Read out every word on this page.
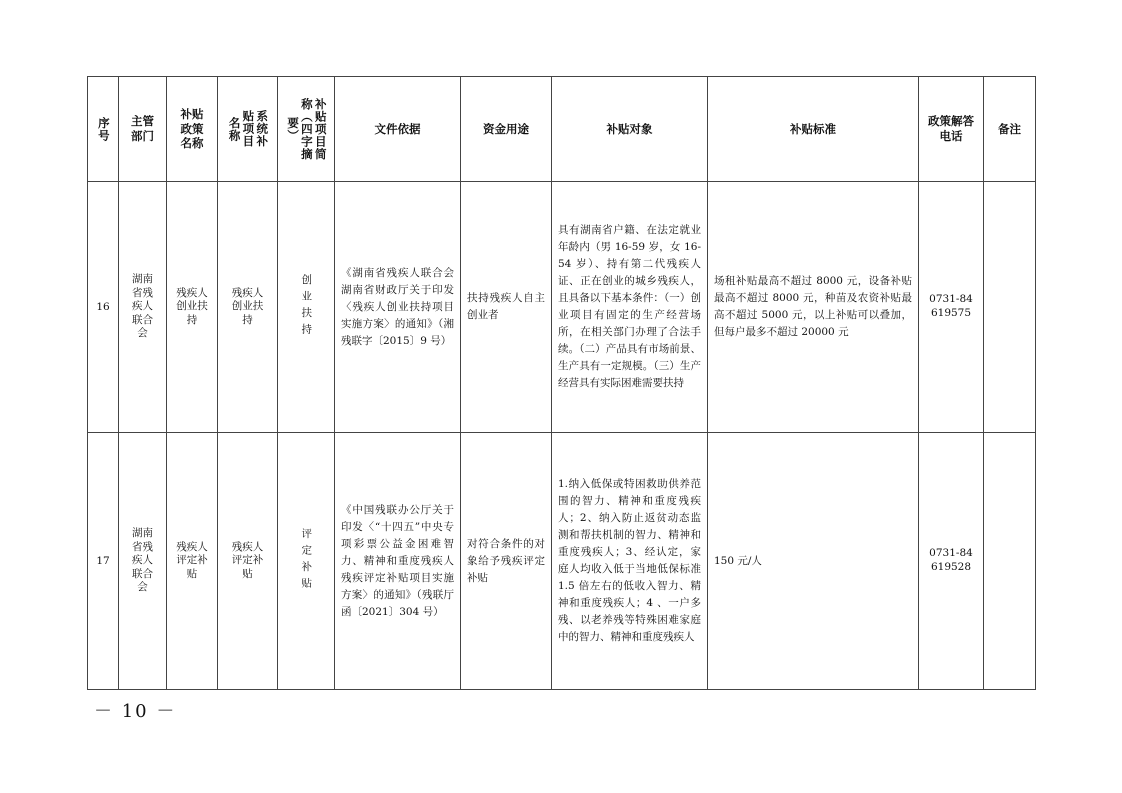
序号	主管部门	补贴政策名称	系统补贴项目名称	补贴项目简称（四字摘要）	文件依据	资金用途	补贴对象	补贴标准	政策解答电话	备注

16	湖南省残疾人联合会	残疾人创业扶持	残疾人创业扶持	创业扶持	《湖南省残疾人联合会 湖南省财政厅关于印发〈残疾人创业扶持项目实施方案〉的通知》（湘残联字〔2015〕9 号）	扶持残疾人自主创业者	具有湖南省户籍、在法定就业年龄内（男 16-59 岁，女 16-54 岁）、持有第二代残疾人证、正在创业的城乡残疾人，且具备以下基本条件：（一）创业项目有固定的生产经营场所，在相关部门办理了合法手续。（二）产品具有市场前景、生产具有一定规模。（三）生产经营具有实际困难需要扶持	场租补贴最高不超过 8000 元，设备补贴最高不超过 8000 元，种苗及农资补贴最高不超过 5000 元，以上补贴可以叠加，但每户最多不超过 20000 元	0731-84619575	

17	湖南省残疾人联合会	残疾人评定补贴	残疾人评定补贴	评定补贴	《中国残联办公厅关于印发〈“十四五”中央专项彩票公益金困难智力、精神和重度残疾人残疾评定补贴项目实施方案〉的通知》（残联厅函〔2021〕304 号）	对符合条件的对象给予残疾评定补贴	1.纳入低保或特困救助供养范围的智力、精神和重度残疾人；2、纳入防止返贫动态监测和帮扶机制的智力、精神和重度残疾人；3、经认定，家庭人均收入低于当地低保标准 1.5 倍左右的低收入智力、精神和重度残疾人；4 、一户多残、以老养残等特殊困难家庭中的智力、精神和重度残疾人	150 元/人	0731-84619528	

－ 10 －
